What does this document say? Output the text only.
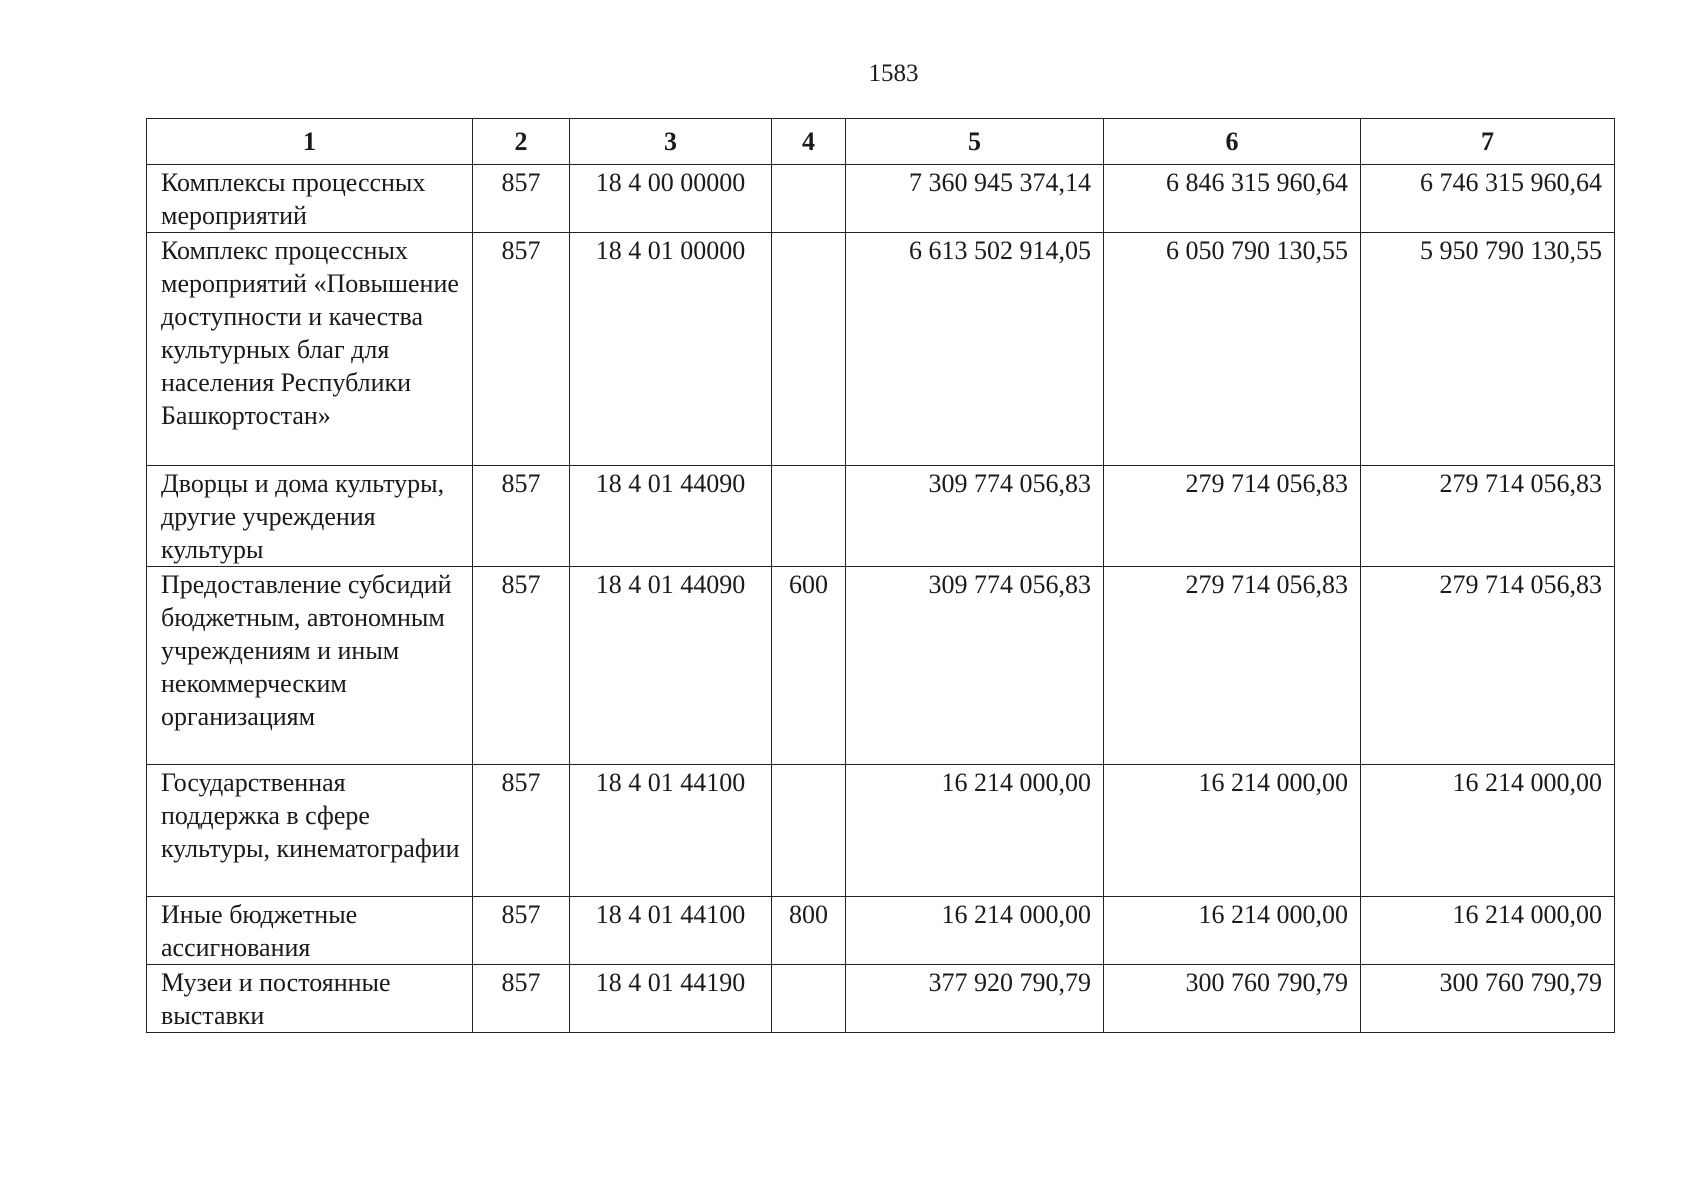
1583
1	2	3	4	5	6	7
Комплексы процессных мероприятий	857	18 4 00 00000		7 360 945 374,14	6 846 315 960,64	6 746 315 960,64
Комплекс процессных мероприятий «Повышение доступности и качества культурных благ для населения Республики Башкортостан»	857	18 4 01 00000		6 613 502 914,05	6 050 790 130,55	5 950 790 130,55
Дворцы и дома культуры, другие учреждения культуры	857	18 4 01 44090		309 774 056,83	279 714 056,83	279 714 056,83
Предоставление субсидий бюджетным, автономным учреждениям и иным некоммерческим организациям	857	18 4 01 44090	600	309 774 056,83	279 714 056,83	279 714 056,83
Государственная поддержка в сфере культуры, кинематографии	857	18 4 01 44100		16 214 000,00	16 214 000,00	16 214 000,00
Иные бюджетные ассигнования	857	18 4 01 44100	800	16 214 000,00	16 214 000,00	16 214 000,00
Музеи и постоянные выставки	857	18 4 01 44190		377 920 790,79	300 760 790,79	300 760 790,79
